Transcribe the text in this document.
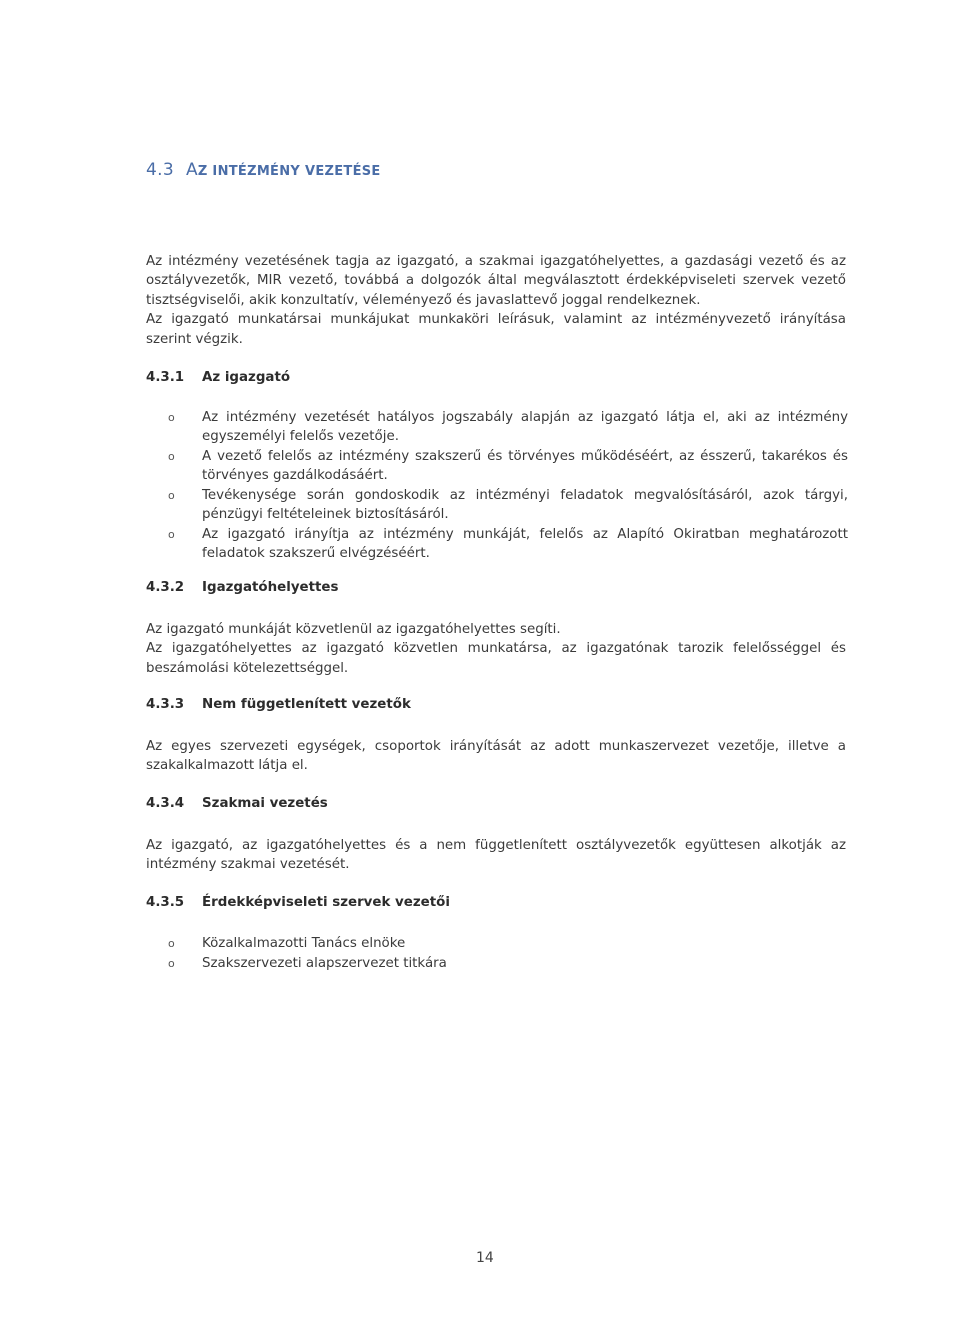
4.3 AZ INTÉZMÉNY VEZETÉSE

Az intézmény vezetésének tagja az igazgató, a szakmai igazgatóhelyettes, a gazdasági vezető és az osztályvezetők, MIR vezető, továbbá a dolgozók által megválasztott érdekképviseleti szervek vezető tisztségviselői, akik konzultatív, véleményező és javaslattevő joggal rendelkeznek.

Az igazgató munkatársai munkájukat munkaköri leírásuk, valamint az intézményvezető irányítása szerint végzik.

4.3.1 Az igazgató
o Az intézmény vezetését hatályos jogszabály alapján az igazgató látja el, aki az intézmény egyszemélyi felelős vezetője.
o A vezető felelős az intézmény szakszerű és törvényes működéséért, az ésszerű, takarékos és törvényes gazdálkodásáért.
o Tevékenysége során gondoskodik az intézményi feladatok megvalósításáról, azok tárgyi, pénzügyi feltételeinek biztosításáról.
o Az igazgató irányítja az intézmény munkáját, felelős az Alapító Okiratban meghatározott feladatok szakszerű elvégzéséért.
4.3.2 Igazgatóhelyettes

Az igazgató munkáját közvetlenül az igazgatóhelyettes segíti.

Az igazgatóhelyettes az igazgató közvetlen munkatársa, az igazgatónak tarozik felelősséggel és beszámolási kötelezettséggel.

4.3.3 Nem függetlenített vezetők

Az egyes szervezeti egységek, csoportok irányítását az adott munkaszervezet vezetője, illetve a szakalkalmazott látja el.

4.3.4 Szakmai vezetés

Az igazgató, az igazgatóhelyettes és a nem függetlenített osztályvezetők együttesen alkotják az intézmény szakmai vezetését.

4.3.5 Érdekképviseleti szervek vezetői
o Közalkalmazotti Tanács elnöke
o Szakszervezeti alapszervezet titkára
14
